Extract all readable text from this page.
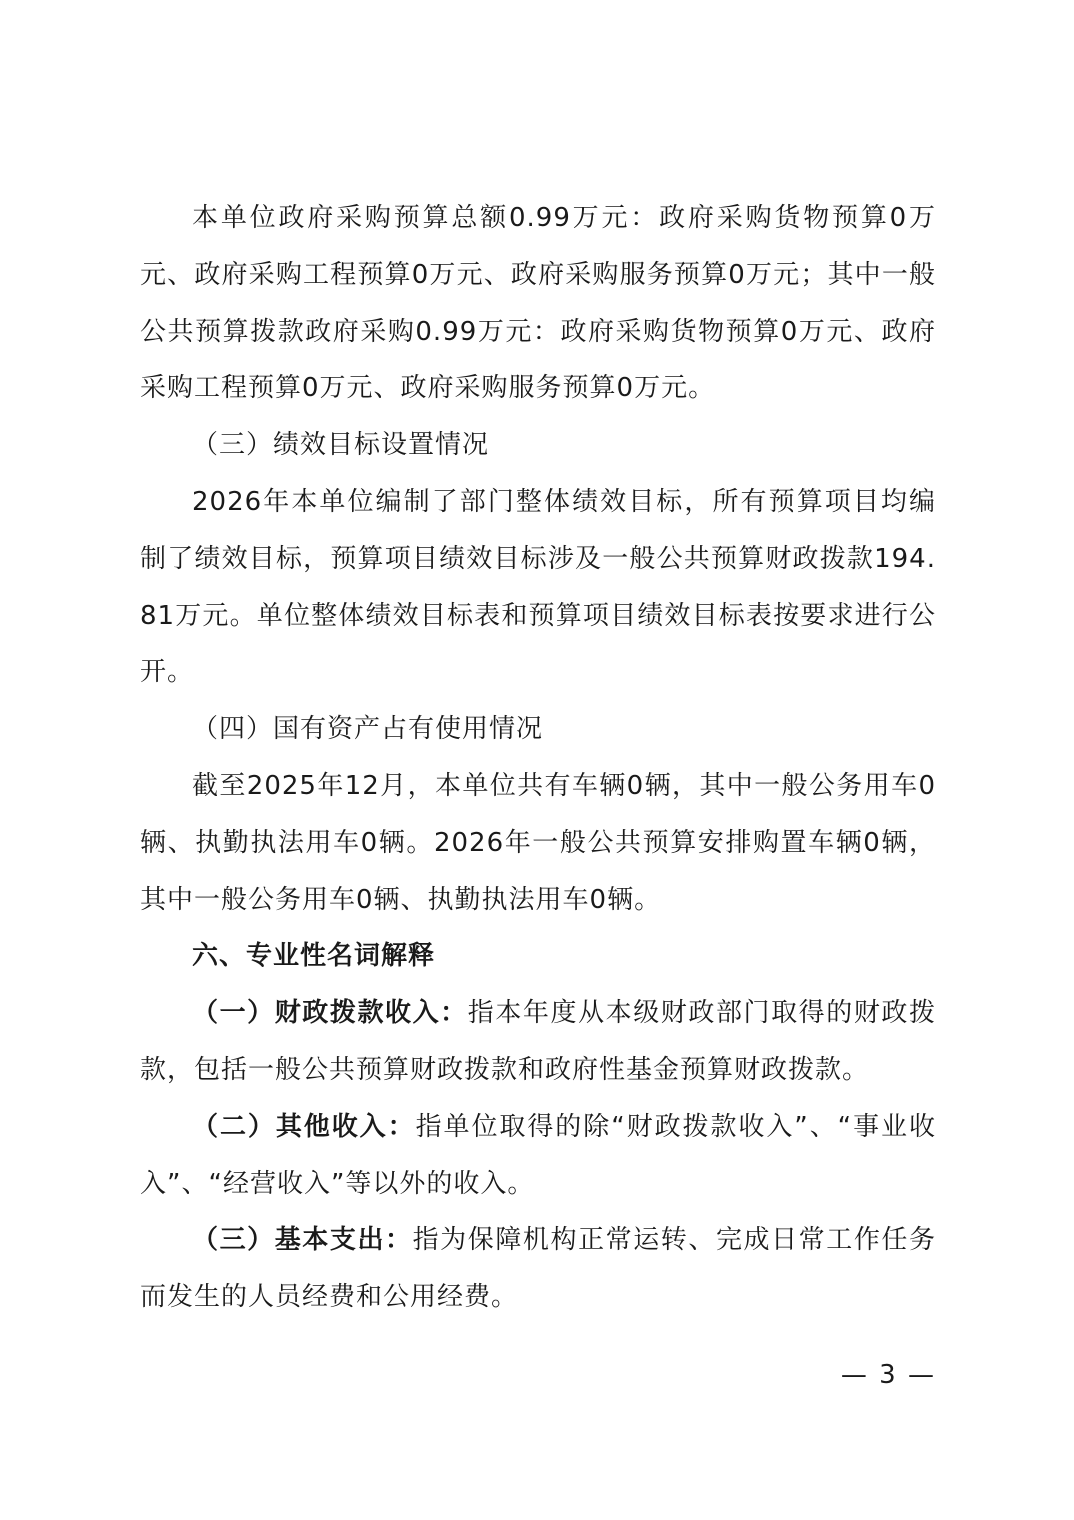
本单位政府采购预算总额0.99万元：政府采购货物预算0万元、政府采购工程预算0万元、政府采购服务预算0万元；其中一般公共预算拨款政府采购0.99万元：政府采购货物预算0万元、政府采购工程预算0万元、政府采购服务预算0万元。

（三）绩效目标设置情况

2026年本单位编制了部门整体绩效目标，所有预算项目均编制了绩效目标，预算项目绩效目标涉及一般公共预算财政拨款194.81万元。单位整体绩效目标表和预算项目绩效目标表按要求进行公开。

（四）国有资产占有使用情况

截至2025年12月，本单位共有车辆0辆，其中一般公务用车0辆、执勤执法用车0辆。2026年一般公共预算安排购置车辆0辆，其中一般公务用车0辆、执勤执法用车0辆。

六、专业性名词解释

（一）财政拨款收入：指本年度从本级财政部门取得的财政拨款，包括一般公共预算财政拨款和政府性基金预算财政拨款。

（二）其他收入：指单位取得的除“财政拨款收入”、“事业收入”、“经营收入”等以外的收入。

（三）基本支出：指为保障机构正常运转、完成日常工作任务而发生的人员经费和公用经费。

— 3 —
